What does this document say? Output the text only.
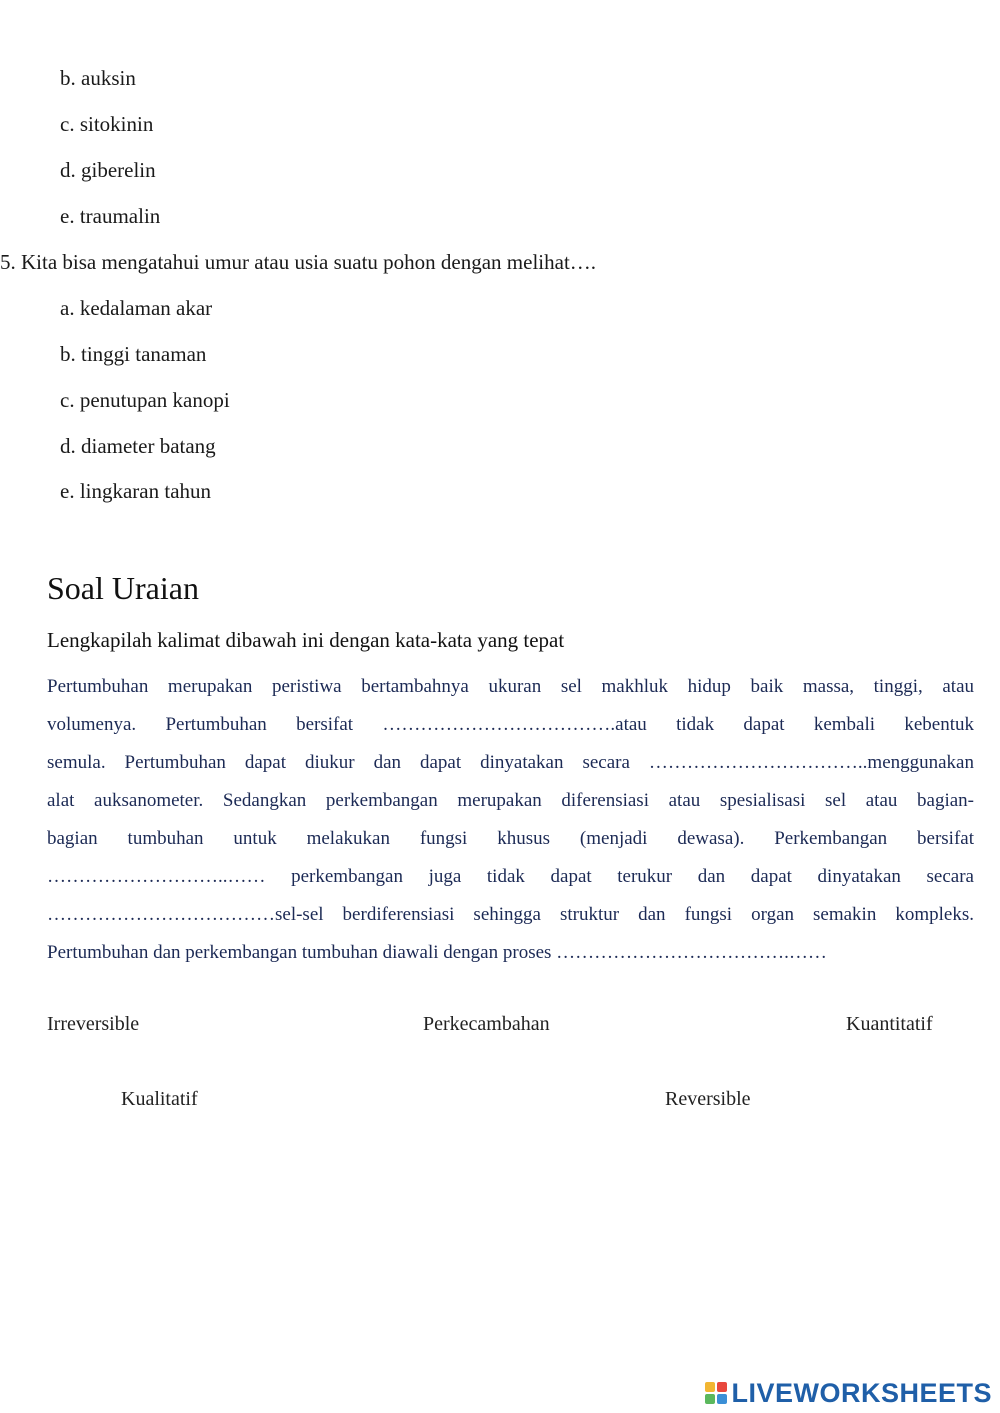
b. auksin
c. sitokinin
d. giberelin
e. traumalin
5. Kita bisa mengatahui umur atau usia suatu pohon dengan melihat….
a. kedalaman akar
b. tinggi tanaman
c. penutupan kanopi
d. diameter batang
e. lingkaran tahun
Soal Uraian
Lengkapilah kalimat dibawah ini dengan kata-kata yang tepat
Pertumbuhan merupakan peristiwa bertambahnya ukuran sel makhluk hidup baik massa, tinggi, atau
volumenya. Pertumbuhan bersifat ……………………………….atau tidak dapat kembali kebentuk
semula. Pertumbuhan dapat diukur dan dapat dinyatakan secara ……………………………..menggunakan
alat auksanometer. Sedangkan perkembangan merupakan diferensiasi atau spesialisasi sel atau bagian-
bagian tumbuhan untuk melakukan fungsi khusus (menjadi dewasa). Perkembangan bersifat
………………………..…… perkembangan juga tidak dapat terukur dan dapat dinyatakan secara
………………………………sel-sel berdiferensiasi sehingga struktur dan fungsi organ semakin kompleks.
Pertumbuhan dan perkembangan tumbuhan diawali dengan proses ……………………………….……
Irreversible	Perkecambahan	Kuantitatif
Kualitatif	Reversible
LIVEWORKSHEETS
